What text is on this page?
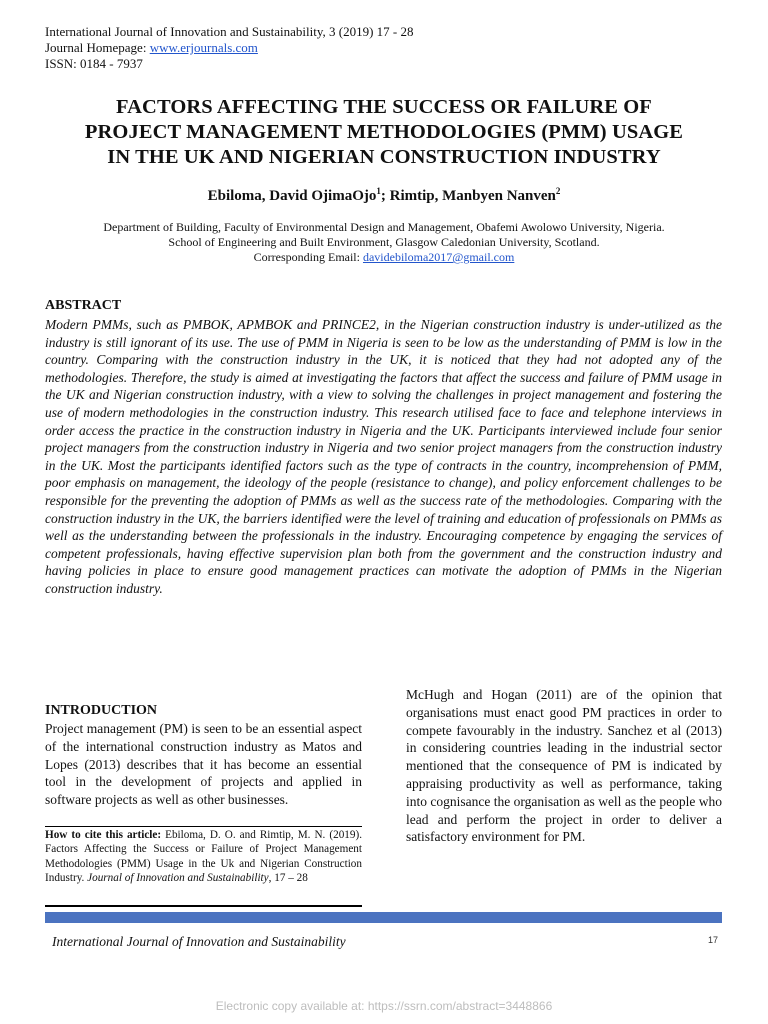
International Journal of Innovation and Sustainability, 3 (2019) 17 - 28
Journal Homepage: www.erjournals.com
ISSN: 0184 - 7937
FACTORS AFFECTING THE SUCCESS OR FAILURE OF
PROJECT MANAGEMENT METHODOLOGIES (PMM) USAGE
IN THE UK AND NIGERIAN CONSTRUCTION INDUSTRY
Ebiloma, David OjimaOjo$^1$; Rimtip, Manbyen Nanven$^2$
Department of Building, Faculty of Environmental Design and Management, Obafemi Awolowo University, Nigeria.
School of Engineering and Built Environment, Glasgow Caledonian University, Scotland.
Corresponding Email: davidebiloma2017@gmail.com
ABSTRACT
Modern PMMs, such as PMBOK, APMBOK and PRINCE2, in the Nigerian construction industry is under-utilized as the industry is still ignorant of its use. The use of PMM in Nigeria is seen to be low as the understanding of PMM is low in the country. Comparing with the construction industry in the UK, it is noticed that they had not adopted any of the methodologies. Therefore, the study is aimed at investigating the factors that affect the success and failure of PMM usage in the UK and Nigerian construction industry, with a view to solving the challenges in project management and fostering the use of modern methodologies in the construction industry. This research utilised face to face and telephone interviews in order access the practice in the construction industry in Nigeria and the UK. Participants interviewed include four senior project managers from the construction industry in Nigeria and two senior project managers from the construction industry in the UK. Most the participants identified factors such as the type of contracts in the country, incomprehension of PMM, poor emphasis on management, the ideology of the people (resistance to change), and policy enforcement challenges to be responsible for the preventing the adoption of PMMs as well as the success rate of the methodologies. Comparing with the construction industry in the UK, the barriers identified were the level of training and education of professionals on PMMs as well as the understanding between the professionals in the industry. Encouraging competence by engaging the services of competent professionals, having effective supervision plan both from the government and the construction industry and having policies in place to ensure good management practices can motivate the adoption of PMMs in the Nigerian construction industry.
INTRODUCTION
Project management (PM) is seen to be an essential aspect of the international construction industry as Matos and Lopes (2013) describes that it has become an essential tool in the development of projects and applied in software projects as well as other businesses.
How to cite this article: Ebiloma, D. O. and Rimtip, M. N. (2019). Factors Affecting the Success or Failure of Project Management Methodologies (PMM) Usage in the Uk and Nigerian Construction Industry. Journal of Innovation and Sustainability, 17 – 28
McHugh and Hogan (2011) are of the opinion that organisations must enact good PM practices in order to compete favourably in the industry. Sanchez et al (2013) in considering countries leading in the industrial sector mentioned that the consequence of PM is indicated by appraising productivity as well as performance, taking into cognisance the organisation as well as the people who lead and perform the project in order to deliver a satisfactory environment for PM.
International Journal of Innovation and Sustainability	17
Electronic copy available at: https://ssrn.com/abstract=3448866
